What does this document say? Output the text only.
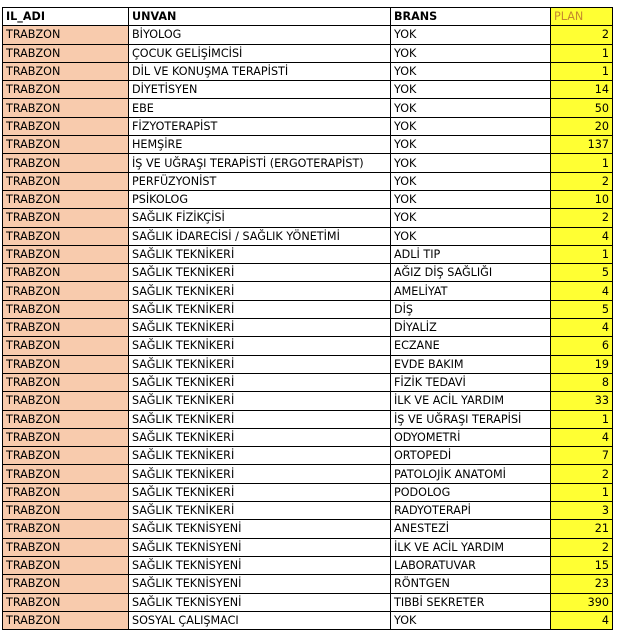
IL_ADI	UNVAN	BRANS	PLAN
TRABZON	BİYOLOG	YOK	2
TRABZON	ÇOCUK GELİŞİMCİSİ	YOK	1
TRABZON	DİL VE KONUŞMA TERAPİSTİ	YOK	1
TRABZON	DİYETİSYEN	YOK	14
TRABZON	EBE	YOK	50
TRABZON	FİZYOTERAPİST	YOK	20
TRABZON	HEMŞİRE	YOK	137
TRABZON	İŞ VE UĞRAŞI TERAPİSTİ (ERGOTERAPİST)	YOK	1
TRABZON	PERFÜZYONİST	YOK	2
TRABZON	PSİKOLOG	YOK	10
TRABZON	SAĞLIK FİZİKÇİSİ	YOK	2
TRABZON	SAĞLIK İDARECİSİ / SAĞLIK YÖNETİMİ	YOK	4
TRABZON	SAĞLIK TEKNİKERİ	ADLİ TIP	1
TRABZON	SAĞLIK TEKNİKERİ	AĞIZ DİŞ SAĞLIĞI	5
TRABZON	SAĞLIK TEKNİKERİ	AMELİYAT	4
TRABZON	SAĞLIK TEKNİKERİ	DİŞ	5
TRABZON	SAĞLIK TEKNİKERİ	DİYALİZ	4
TRABZON	SAĞLIK TEKNİKERİ	ECZANE	6
TRABZON	SAĞLIK TEKNİKERİ	EVDE BAKIM	19
TRABZON	SAĞLIK TEKNİKERİ	FİZİK TEDAVİ	8
TRABZON	SAĞLIK TEKNİKERİ	İLK VE ACİL YARDIM	33
TRABZON	SAĞLIK TEKNİKERİ	İŞ VE UĞRAŞI TERAPİSİ	1
TRABZON	SAĞLIK TEKNİKERİ	ODYOMETRİ	4
TRABZON	SAĞLIK TEKNİKERİ	ORTOPEDİ	7
TRABZON	SAĞLIK TEKNİKERİ	PATOLOJİK ANATOMİ	2
TRABZON	SAĞLIK TEKNİKERİ	PODOLOG	1
TRABZON	SAĞLIK TEKNİKERİ	RADYOTERAPİ	3
TRABZON	SAĞLIK TEKNİSYENİ	ANESTEZİ	21
TRABZON	SAĞLIK TEKNİSYENİ	İLK VE ACİL YARDIM	2
TRABZON	SAĞLIK TEKNİSYENİ	LABORATUVAR	15
TRABZON	SAĞLIK TEKNİSYENİ	RÖNTGEN	23
TRABZON	SAĞLIK TEKNİSYENİ	TIBBİ SEKRETER	390
TRABZON	SOSYAL ÇALIŞMACI	YOK	4
